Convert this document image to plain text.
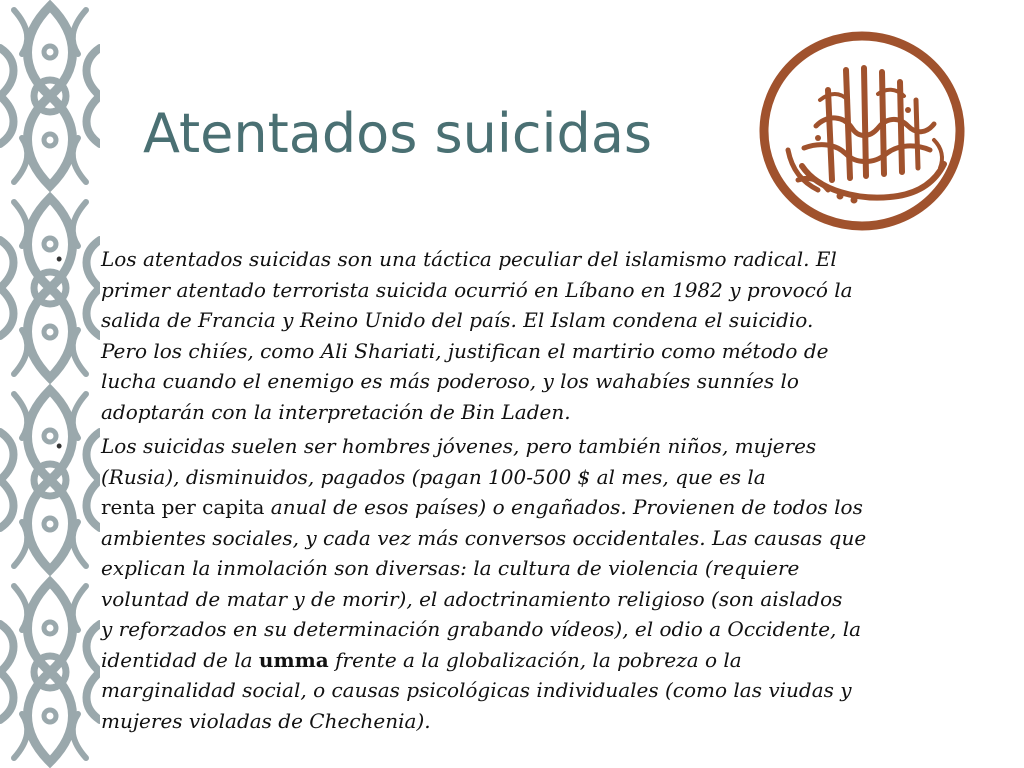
Atentados suicidas
• Los atentados suicidas son una táctica peculiar del islamismo radical. El
primer atentado terrorista suicida ocurrió en Líbano en 1982 y provocó la
salida de Francia y Reino Unido del país. El Islam condena el suicidio.
Pero los chiíes, como Ali Shariati, justifican el martirio como método de
lucha cuando el enemigo es más poderoso, y los wahabíes sunníes lo
adoptarán con la interpretación de Bin Laden.
• Los suicidas suelen ser hombres jóvenes, pero también niños, mujeres
(Rusia), disminuidos, pagados (pagan 100-500 $ al mes, que es la
renta per capita anual de esos países) o engañados. Provienen de todos los
ambientes sociales, y cada vez más conversos occidentales. Las causas que
explican la inmolación son diversas: la cultura de violencia (requiere
voluntad de matar y de morir), el adoctrinamiento religioso (son aislados
y reforzados en su determinación grabando vídeos), el odio a Occidente, la
identidad de la umma frente a la globalización, la pobreza o la
marginalidad social, o causas psicológicas individuales (como las viudas y
mujeres violadas de Chechenia).
